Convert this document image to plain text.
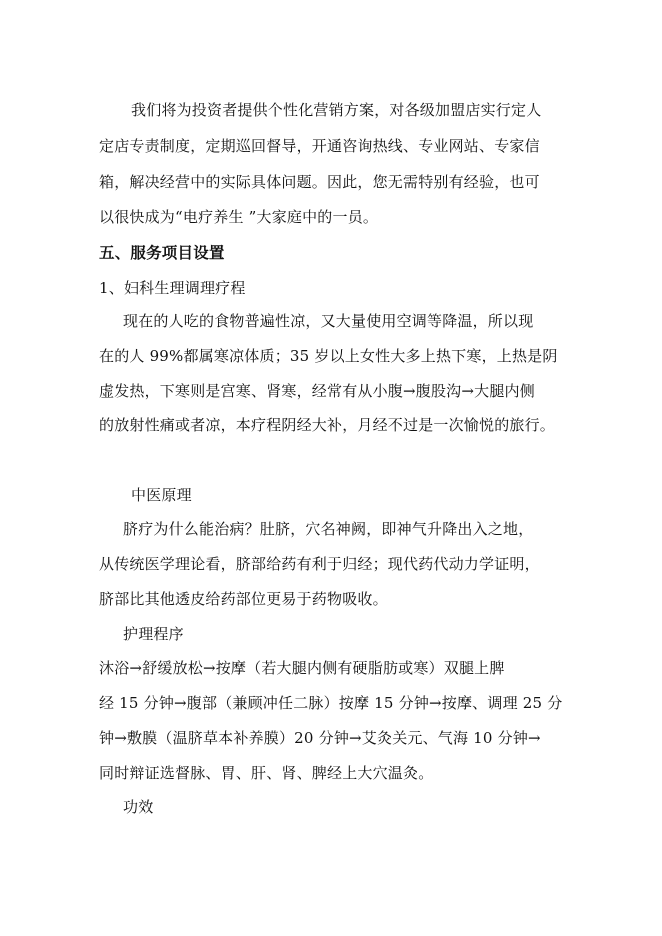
我们将为投资者提供个性化营销方案，对各级加盟店实行定人
定店专责制度，定期巡回督导，开通咨询热线、专业网站、专家信
箱，解决经营中的实际具体问题。因此，您无需特别有经验，也可
以很快成为“电疗养生 ”大家庭中的一员。
五、服务项目设置
1、妇科生理调理疗程
现在的人吃的食物普遍性凉，又大量使用空调等降温，所以现
在的人 99%都属寒凉体质；35 岁以上女性大多上热下寒，上热是阴
虚发热，下寒则是宫寒、肾寒，经常有从小腹→腹股沟→大腿内侧
的放射性痛或者凉，本疗程阴经大补，月经不过是一次愉悦的旅行。
中医原理
脐疗为什么能治病？肚脐，穴名神阙，即神气升降出入之地，
从传统医学理论看，脐部给药有利于归经；现代药代动力学证明，
脐部比其他透皮给药部位更易于药物吸收。
护理程序
沐浴→舒缓放松→按摩（若大腿内侧有硬脂肪或寒）双腿上脾
经 15 分钟→腹部（兼顾冲任二脉）按摩 15 分钟→按摩、调理 25 分
钟→敷膜（温脐草本补养膜）20 分钟→艾灸关元、气海 10 分钟→
同时辩证选督脉、胃、肝、肾、脾经上大穴温灸。
功效
